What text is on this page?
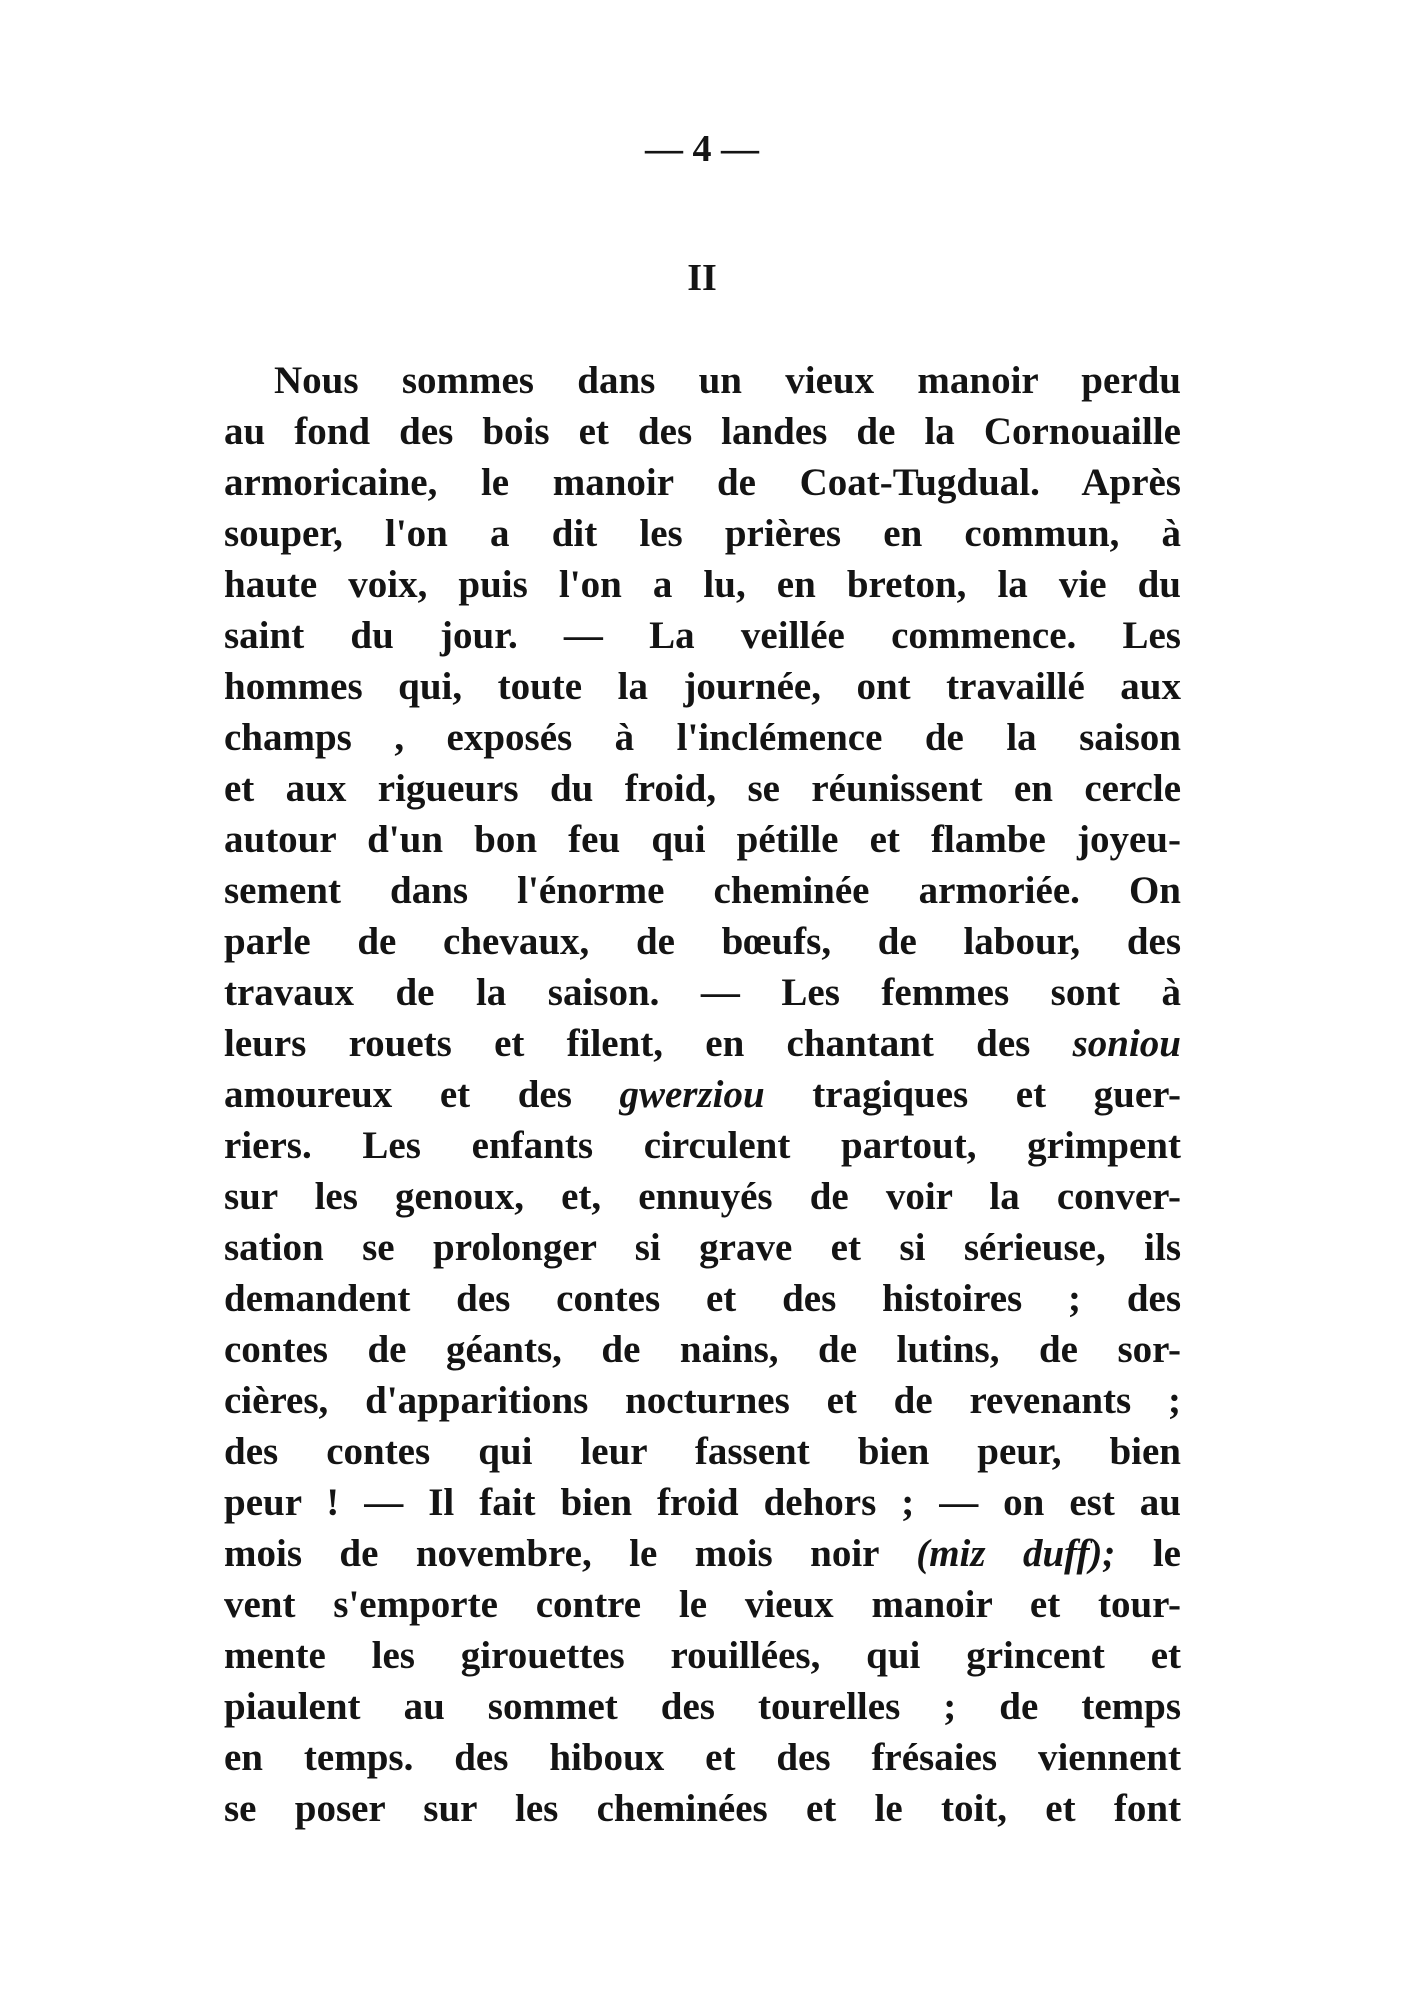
— 4 —
II
Nous sommes dans un vieux manoir perdu
au fond des bois et des landes de la Cornouaille
armoricaine, le manoir de Coat-Tugdual. Après
souper, l'on a dit les prières en commun, à
haute voix, puis l'on a lu, en breton, la vie du
saint du jour. — La veillée commence. Les
hommes qui, toute la journée, ont travaillé aux
champs , exposés à l'inclémence de la saison
et aux rigueurs du froid, se réunissent en cercle
autour d'un bon feu qui pétille et flambe joyeu-
sement dans l'énorme cheminée armoriée. On
parle de chevaux, de bœufs, de labour, des
travaux de la saison. — Les femmes sont à
leurs rouets et filent, en chantant des soniou
amoureux et des gwerziou tragiques et guer-
riers. Les enfants circulent partout, grimpent
sur les genoux, et, ennuyés de voir la conver-
sation se prolonger si grave et si sérieuse, ils
demandent des contes et des histoires ; des
contes de géants, de nains, de lutins, de sor-
cières, d'apparitions nocturnes et de revenants ;
des contes qui leur fassent bien peur, bien
peur ! — Il fait bien froid dehors ; — on est au
mois de novembre, le mois noir (miz duff); le
vent s'emporte contre le vieux manoir et tour-
mente les girouettes rouillées, qui grincent et
piaulent au sommet des tourelles ; de temps
en temps. des hiboux et des frésaies viennent
se poser sur les cheminées et le toit, et font
